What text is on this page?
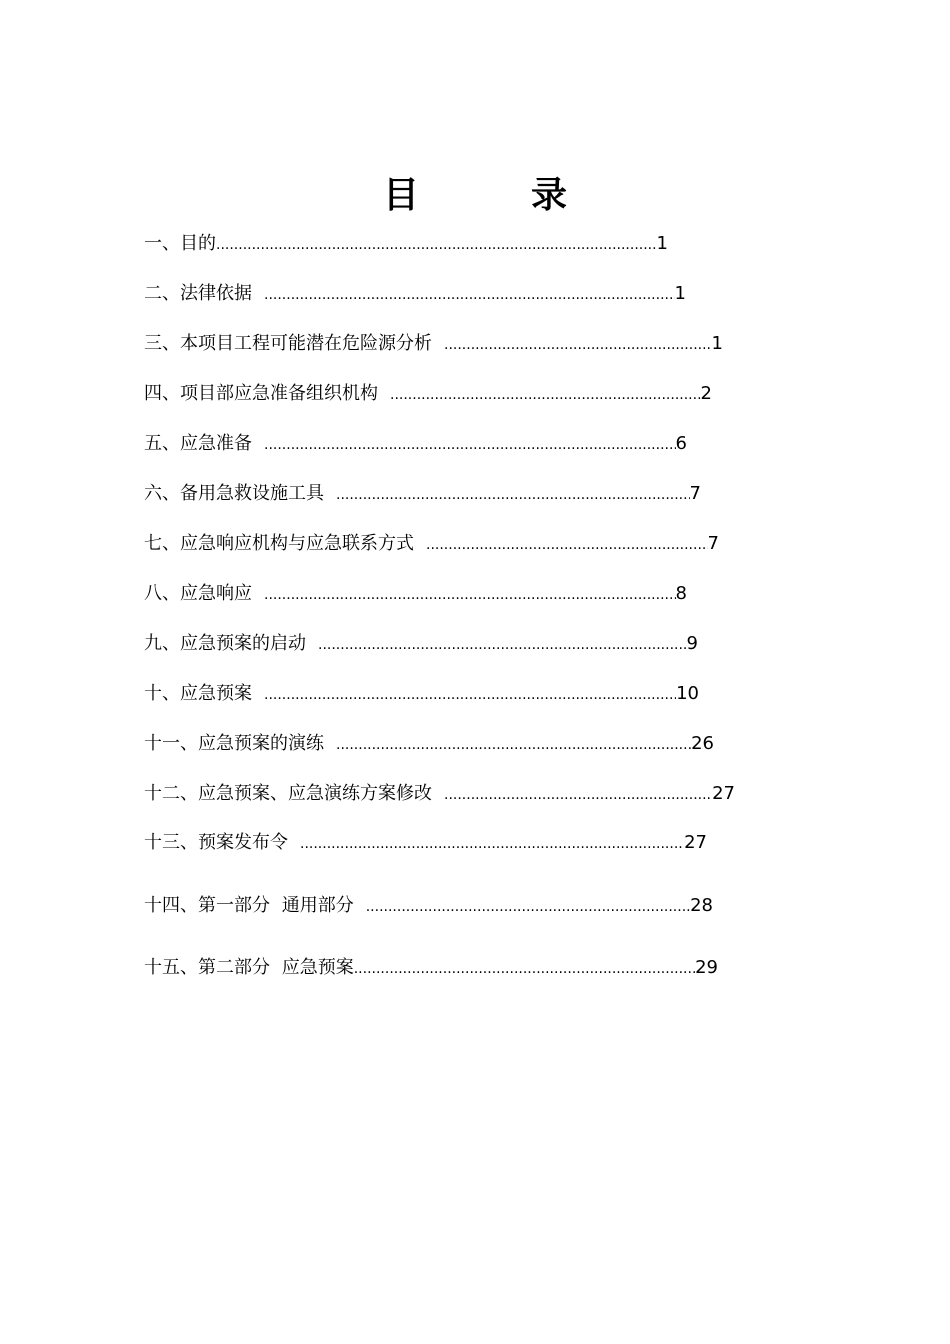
目　录
一、目的 .....	1
二、法律依据 .....	1
三、本项目工程可能潜在危险源分析 .....	1
四、项目部应急准备组织机构 .....	2
五、应急准备 .....	6
六、备用急救设施工具 .....	7
七、应急响应机构与应急联系方式 .....	7
八、应急响应 .....	8
九、应急预案的启动 .....	9
十、应急预案 .....	10
十一、应急预案的演练 .....	26
十二、应急预案、应急演练方案修改 .....	27
十三、预案发布令 .....	27
十四、第一部分 通用部分 .....	28
十五、第二部分 应急预案 .....	29
